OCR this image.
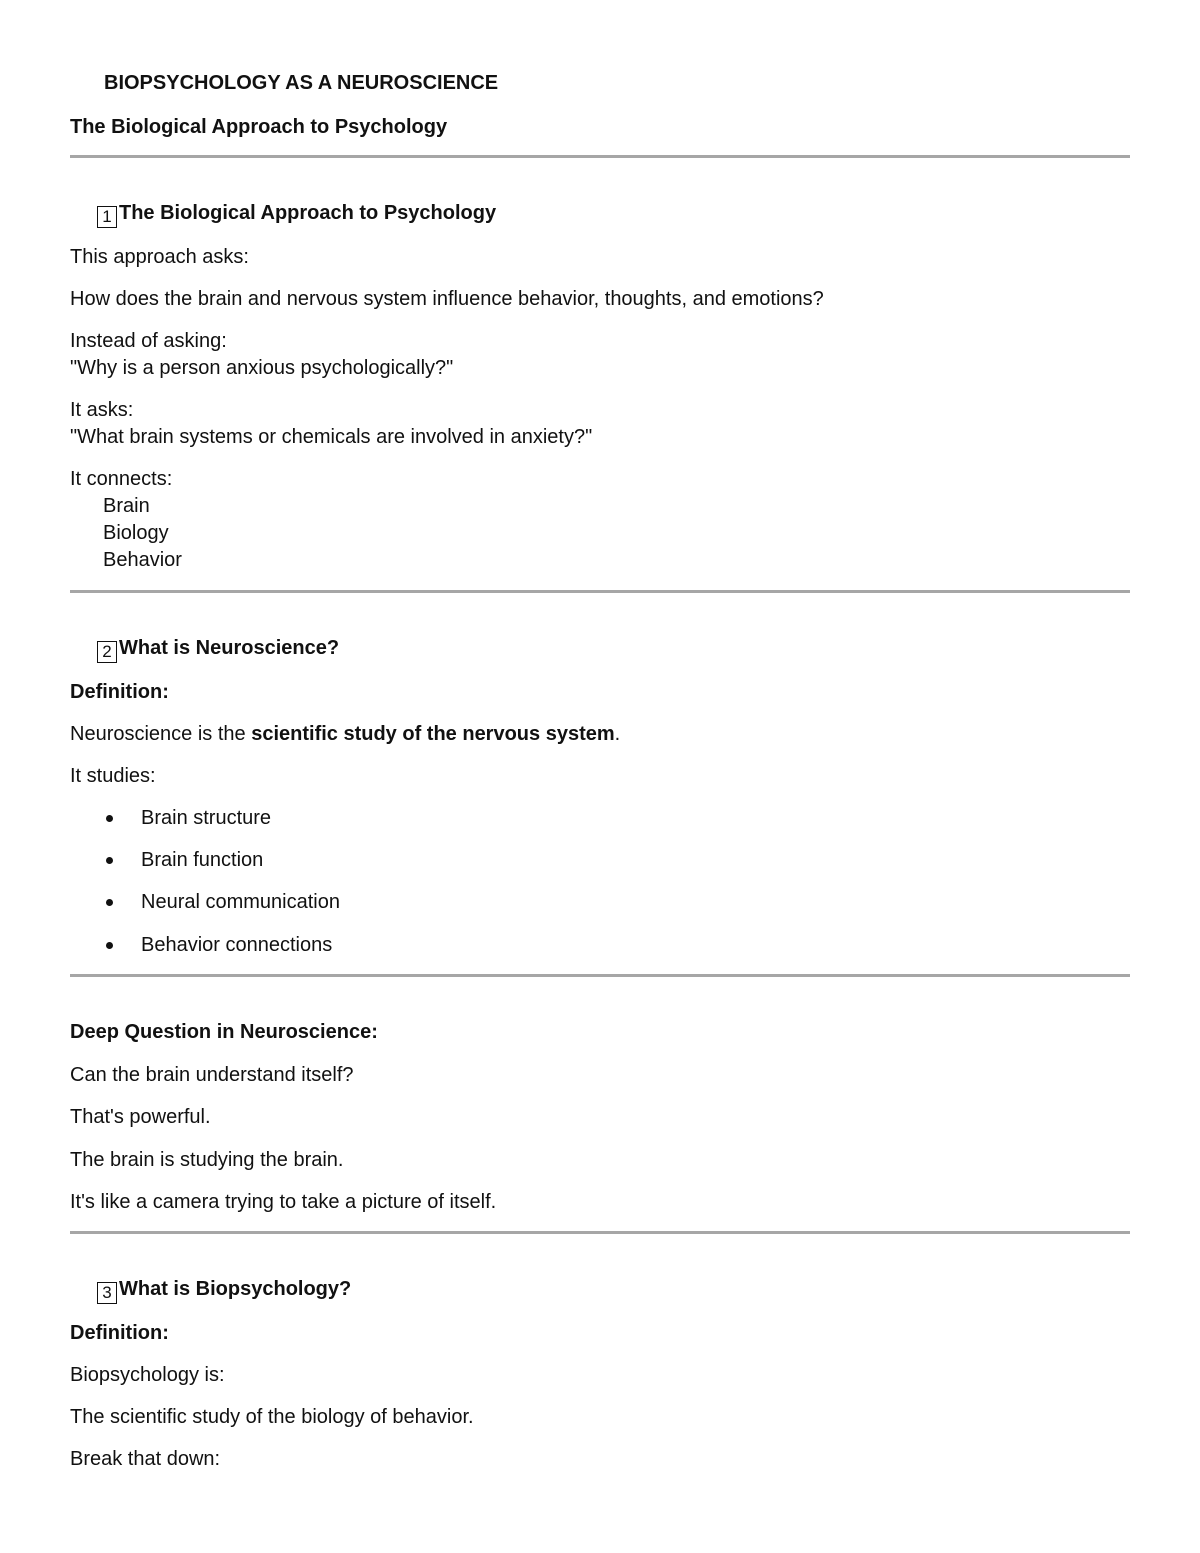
BIOPSYCHOLOGY AS A NEUROSCIENCE

The Biological Approach to Psychology

1 The Biological Approach to Psychology

This approach asks:

How does the brain and nervous system influence behavior, thoughts, and emotions?

Instead of asking:

"Why is a person anxious psychologically?"

It asks:

"What brain systems or chemicals are involved in anxiety?"

It connects:

Brain

Biology

Behavior

2 What is Neuroscience?

Definition:

Neuroscience is the scientific study of the nervous system.

It studies:

Brain structure

Brain function

Neural communication

Behavior connections

Deep Question in Neuroscience:

Can the brain understand itself?

That's powerful.

The brain is studying the brain.

It's like a camera trying to take a picture of itself.

3 What is Biopsychology?

Definition:

Biopsychology is:

The scientific study of the biology of behavior.

Break that down:
